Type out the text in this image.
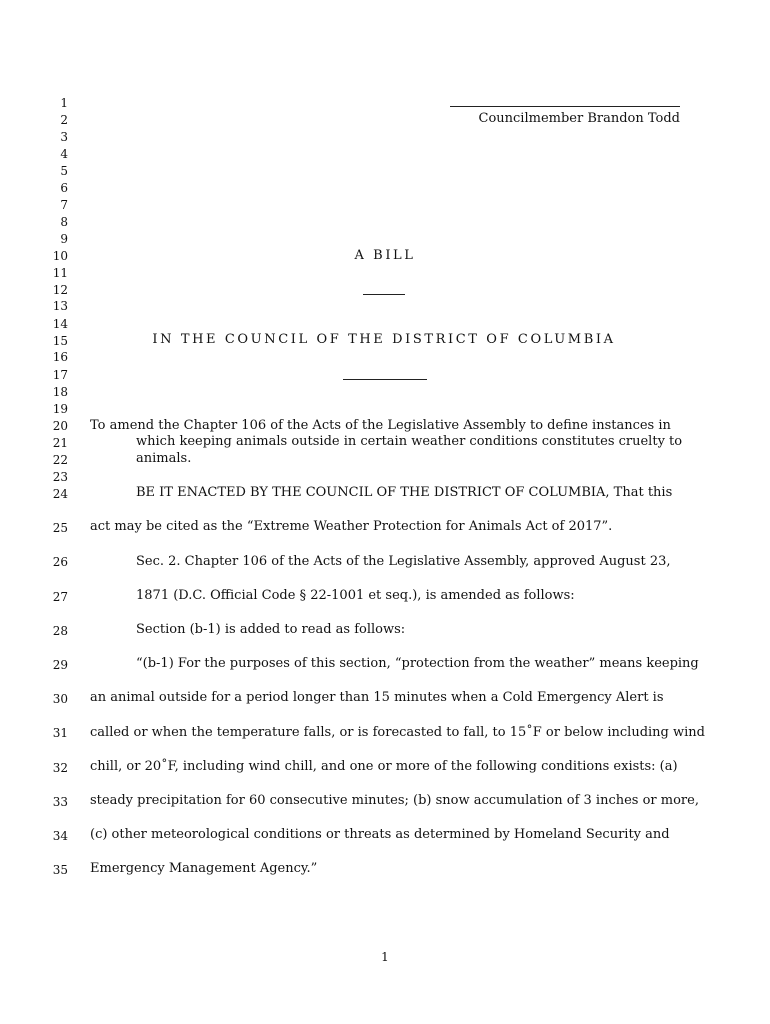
1
2
3
4
5
6
7
8
9
10
11
12
13
14
15
16
17
18
19
20
21
22
23
24
25
26
27
28
29
30
31
32
33
34
35
Councilmember Brandon Todd
A BILL
IN THE COUNCIL OF THE DISTRICT OF COLUMBIA
To amend the Chapter 106 of the Acts of the Legislative Assembly to define instances in
which keeping animals outside in certain weather conditions constitutes cruelty to
animals.
BE IT ENACTED BY THE COUNCIL OF THE DISTRICT OF COLUMBIA, That this
act may be cited as the “Extreme Weather Protection for Animals Act of 2017”.
Sec. 2. Chapter 106 of the Acts of the Legislative Assembly, approved August 23,
1871 (D.C. Official Code § 22-1001 et seq.), is amended as follows:
Section (b-1) is added to read as follows:
“(b-1) For the purposes of this section, “protection from the weather” means keeping
an animal outside for a period longer than 15 minutes when a Cold Emergency Alert is
called or when the temperature falls, or is forecasted to fall, to 15˚F or below including wind
chill, or 20˚F, including wind chill, and one or more of the following conditions exists: (a)
steady precipitation for 60 consecutive minutes; (b) snow accumulation of 3 inches or more,
(c) other meteorological conditions or threats as determined by Homeland Security and
Emergency Management Agency.”
1
